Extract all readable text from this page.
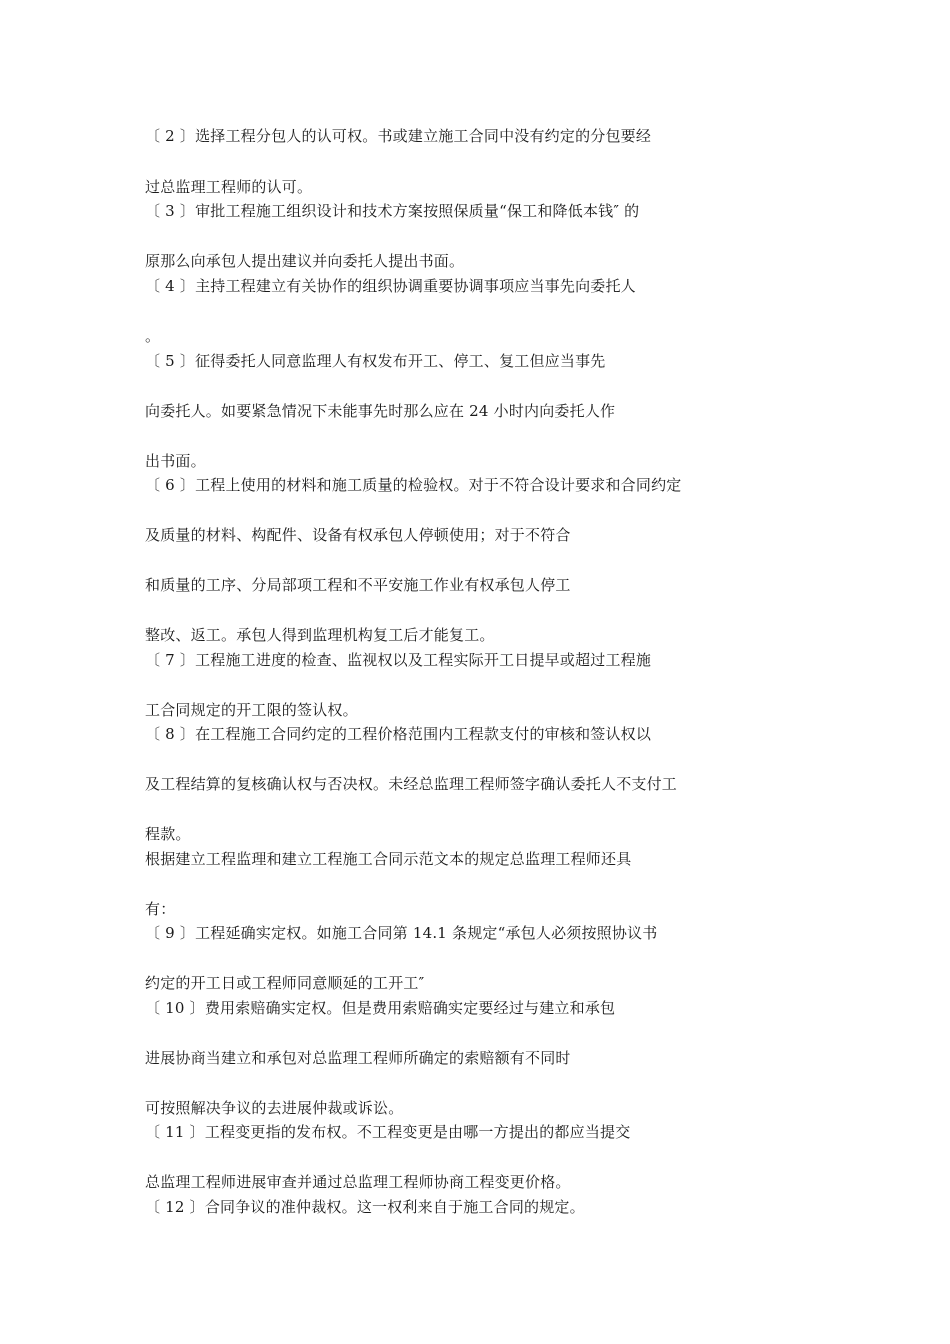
〔 2 〕选择工程分包人的认可权。书或建立施工合同中没有约定的分包要经
过总监理工程师的认可。
〔 3 〕审批工程施工组织设计和技术方案按照保质量“保工和降低本钱″ 的
原那么向承包人提出建议并向委托人提出书面。
〔 4 〕主持工程建立有关协作的组织协调重要协调事项应当事先向委托人
。
〔 5 〕征得委托人同意监理人有权发布开工、停工、复工但应当事先
向委托人。如要紧急情况下未能事先时那么应在 24 小时内向委托人作
出书面。
〔 6 〕工程上使用的材料和施工质量的检验权。对于不符合设计要求和合同约定
及质量的材料、构配件、设备有权承包人停顿使用；对于不符合
和质量的工序、分局部项工程和不平安施工作业有权承包人停工
整改、返工。承包人得到监理机构复工后才能复工。
〔 7 〕工程施工进度的检查、监视权以及工程实际开工日提早或超过工程施
工合同规定的开工限的签认权。
〔 8 〕在工程施工合同约定的工程价格范围内工程款支付的审核和签认权以
及工程结算的复核确认权与否决权。未经总监理工程师签字确认委托人不支付工
程款。
根据建立工程监理和建立工程施工合同示范文本的规定总监理工程师还具
有：
〔 9 〕工程延确实定权。如施工合同第 14.1 条规定“承包人必须按照协议书
约定的开工日或工程师同意顺延的工开工″
〔 10 〕费用索赔确实定权。但是费用索赔确实定要经过与建立和承包
进展协商当建立和承包对总监理工程师所确定的索赔额有不同时
可按照解决争议的去进展仲裁或诉讼。
〔 11 〕工程变更指的发布权。不工程变更是由哪一方提出的都应当提交
总监理工程师进展审查并通过总监理工程师协商工程变更价格。
〔 12 〕合同争议的准仲裁权。这一权利来自于施工合同的规定。
